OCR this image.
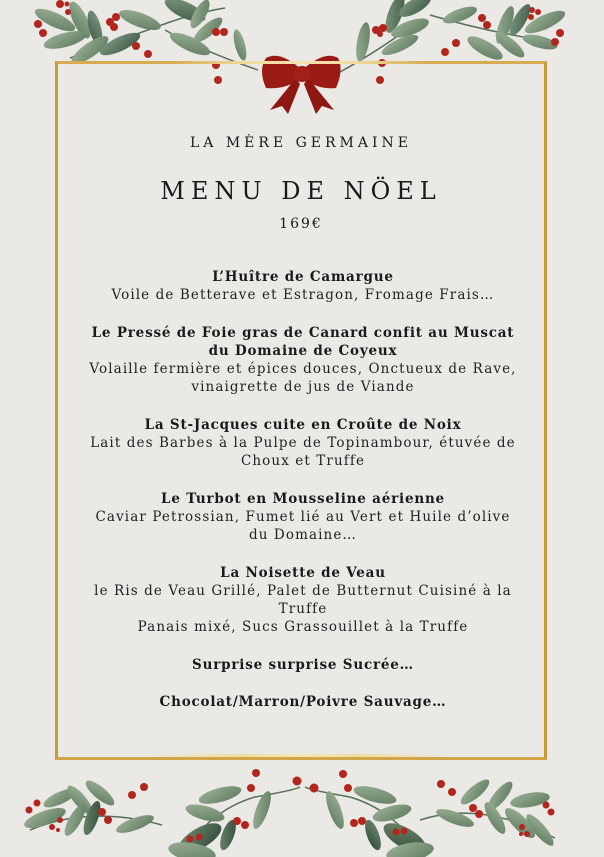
LA MÈRE GERMAINE
MENU DE NÖEL
169€
L’Huître de Camargue
Voile de Betterave et Estragon, Fromage Frais…
Le Pressé de Foie gras de Canard confit au Muscat du Domaine de Coyeux
Volaille fermière et épices douces, Onctueux de Rave, vinaigrette de jus de Viande
La St-Jacques cuite en Croûte de Noix
Lait des Barbes à la Pulpe de Topinambour, étuvée de Choux et Truffe
Le Turbot en Mousseline aérienne
Caviar Petrossian, Fumet lié au Vert et Huile d’olive du Domaine…
La Noisette de Veau
le Ris de Veau Grillé, Palet de Butternut Cuisiné à la Truffe
Panais mixé, Sucs Grassouillet à la Truffe
Surprise surprise Sucrée…
Chocolat/Marron/Poivre Sauvage…
